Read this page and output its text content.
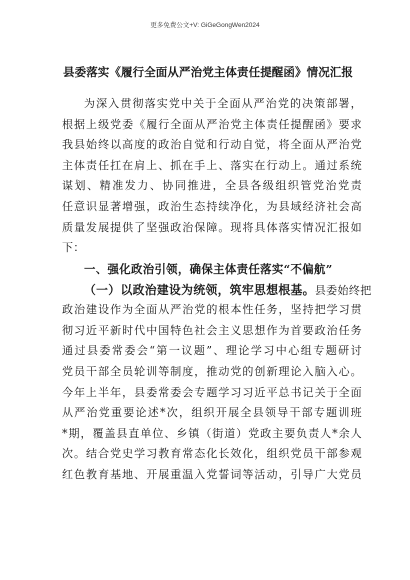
更多免费公文+V: GiGeGongWen2024
县委落实《履行全面从严治党主体责任提醒函》情况汇报
为深入贯彻落实党中关于全面从严治党的决策部署，
根据上级党委《履行全面从严治党主体责任提醒函》要求
我县始终以高度的政治自觉和行动自觉，将全面从严治党
主体责任扛在肩上、抓在手上、落实在行动上。通过系统
谋划、精准发力、协同推进，全县各级组织管党治党责
任意识显著增强，政治生态持续净化，为县域经济社会高
质量发展提供了坚强政治保障。现将具体落实情况汇报如
下：
一、强化政治引领，确保主体责任落实“不偏航”
（一）以政治建设为统领，筑牢思想根基。县委始终把
政治建设作为全面从严治党的根本性任务，坚持把学习贯
彻习近平新时代中国特色社会主义思想作为首要政治任务
通过县委常委会“第一议题”、理论学习中心组专题研讨
党员干部全员轮训等制度，推动党的创新理论入脑入心。
今年上半年，县委常委会专题学习习近平总书记关于全面
从严治党重要论述*次，组织开展全县领导干部专题训班
*期，覆盖县直单位、乡镇（街道）党政主要负责人*余人
次。结合党史学习教育常态化长效化，组织党员干部参观
红色教育基地、开展重温入党誓词等活动，引导广大党员
